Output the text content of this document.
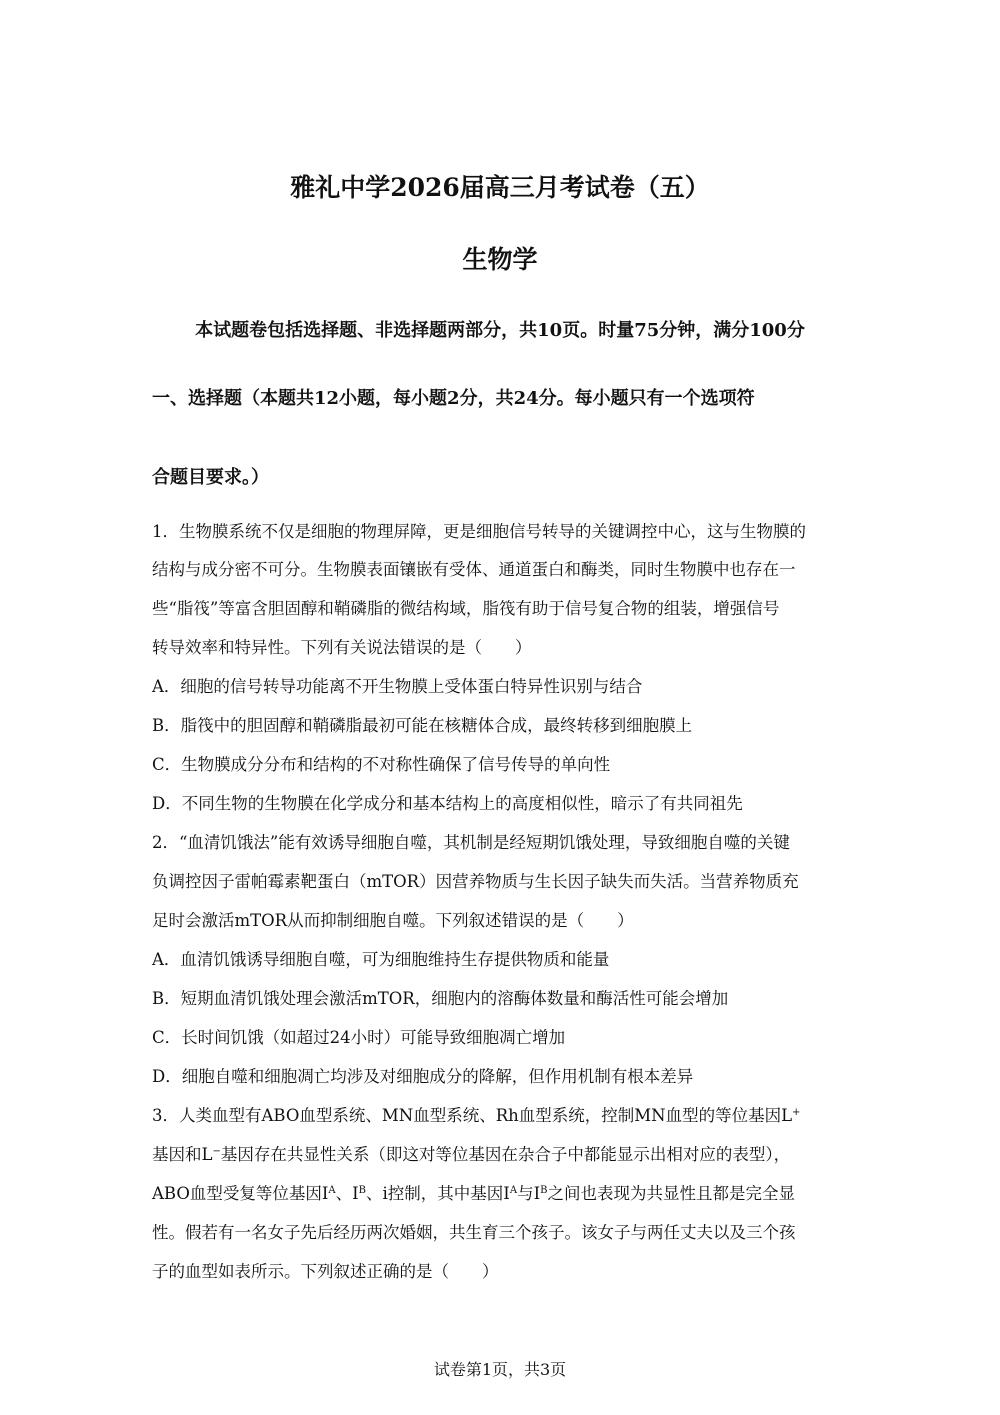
雅礼中学2026届高三月考试卷（五）
生物学
本试题卷包括选择题、非选择题两部分，共10页。时量75分钟，满分100分
一、选择题（本题共12小题，每小题2分，共24分。每小题只有一个选项符
合题目要求。）
1．生物膜系统不仅是细胞的物理屏障，更是细胞信号转导的关键调控中心，这与生物膜的
结构与成分密不可分。生物膜表面镶嵌有受体、通道蛋白和酶类，同时生物膜中也存在一
些“脂筏”等富含胆固醇和鞘磷脂的微结构域，脂筏有助于信号复合物的组装，增强信号
转导效率和特异性。下列有关说法错误的是（　　）
A．细胞的信号转导功能离不开生物膜上受体蛋白特异性识别与结合
B．脂筏中的胆固醇和鞘磷脂最初可能在核糖体合成，最终转移到细胞膜上
C．生物膜成分分布和结构的不对称性确保了信号传导的单向性
D．不同生物的生物膜在化学成分和基本结构上的高度相似性，暗示了有共同祖先
2．“血清饥饿法”能有效诱导细胞自噬，其机制是经短期饥饿处理，导致细胞自噬的关键
负调控因子雷帕霉素靶蛋白（mTOR）因营养物质与生长因子缺失而失活。当营养物质充
足时会激活mTOR从而抑制细胞自噬。下列叙述错误的是（　　）
A．血清饥饿诱导细胞自噬，可为细胞维持生存提供物质和能量
B．短期血清饥饿处理会激活mTOR，细胞内的溶酶体数量和酶活性可能会增加
C．长时间饥饿（如超过24小时）可能导致细胞凋亡增加
D．细胞自噬和细胞凋亡均涉及对细胞成分的降解，但作用机制有根本差异
3．人类血型有ABO血型系统、MN血型系统、Rh血型系统，控制MN血型的等位基因L+
基因和L−基因存在共显性关系（即这对等位基因在杂合子中都能显示出相对应的表型），
ABO血型受复等位基因$I^A$、$I^B$、i控制，其中基因$I^A$与$I^B$之间也表现为共显性且都是完全显
性。假若有一名女子先后经历两次婚姻，共生育三个孩子。该女子与两任丈夫以及三个孩
子的血型如表所示。下列叙述正确的是（　　）
试卷第1页，共3页
